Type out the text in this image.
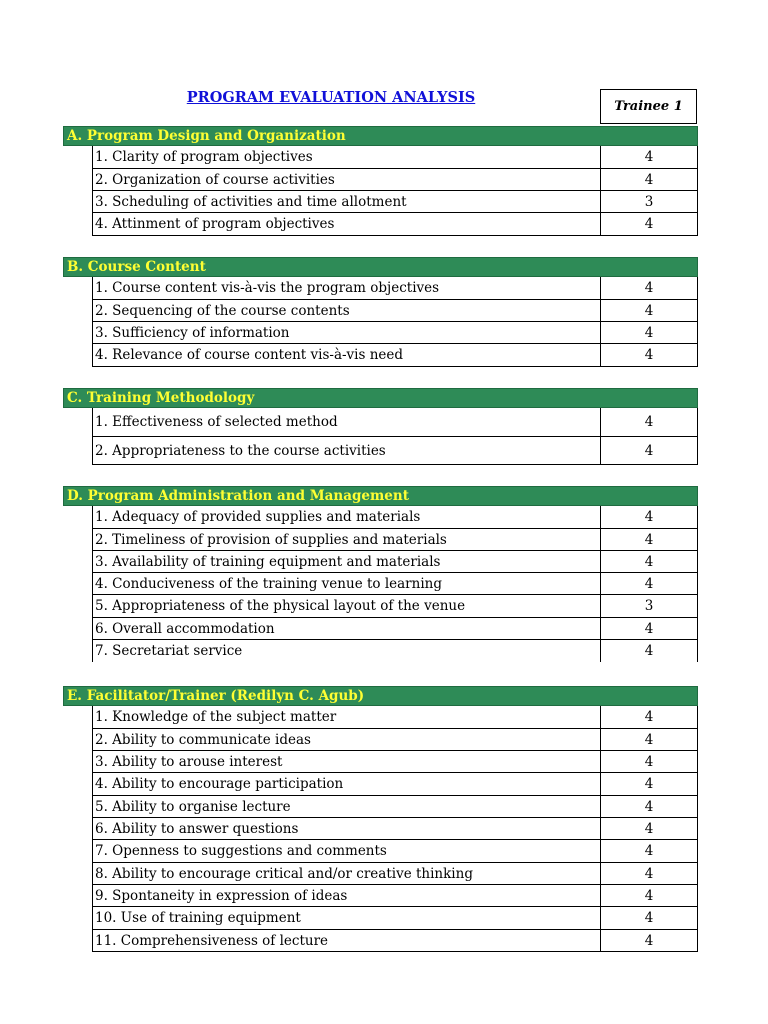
PROGRAM EVALUATION ANALYSIS
Trainee 1
A. Program Design and Organization
1. Clarity of program objectives	4
2. Organization of course activities	4
3. Scheduling of activities and time allotment	3
4. Attinment of program objectives	4
B. Course Content
1. Course content vis-à-vis the program objectives	4
2. Sequencing of the course contents	4
3. Sufficiency of information	4
4. Relevance of course content vis-à-vis need	4
C. Training Methodology
1. Effectiveness of selected method	4
2. Appropriateness to the course activities	4
D. Program Administration and Management
1. Adequacy of provided supplies and materials	4
2. Timeliness of provision of supplies and materials	4
3. Availability of training equipment and materials	4
4. Conduciveness of the training venue to learning	4
5. Appropriateness of the physical layout of the venue	3
6. Overall accommodation	4
7. Secretariat service	4
E. Facilitator/Trainer (Redilyn C. Agub)
1. Knowledge of the subject matter	4
2. Ability to communicate ideas	4
3. Ability to arouse interest	4
4. Ability to encourage participation	4
5. Ability to organise lecture	4
6. Ability to answer questions	4
7. Openness to suggestions and comments	4
8. Ability to encourage critical and/or creative thinking	4
9. Spontaneity in expression of ideas	4
10. Use of training equipment	4
11. Comprehensiveness of lecture	4
